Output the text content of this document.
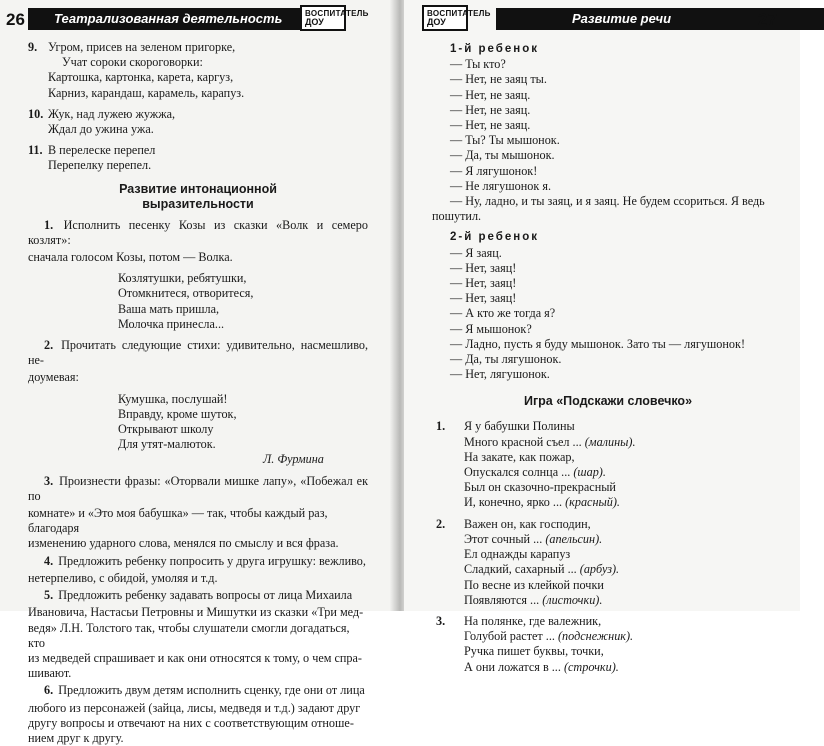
26	Театрализованная деятельность	ВОСПИТАТЕЛЬ
ДОУ
9. Угром, присев на зеленом пригорке,
Учат сороки скороговорки:
Картошка, картонка, карета, каргуз,
Карниз, карандаш, карамель, карапуз.
10. Жук, над лужею жужжа,
Ждал до ужина ужа.
11. В перелеске перепел
Перепелку перепел.
Развитие интонационной
выразительности
1. Исполнить песенку Козы из сказки «Волк и семеро козлят»:
сначала голосом Козы, потом — Волка.
Козлятушки, ребятушки,
Отомкнитеся, отворитеся,
Ваша мать пришла,
Молочка принесла...
2. Прочитать следующие стихи: удивительно, насмешливо, не-
доумевая:
Кумушка, послушай!
Вправду, кроме шуток,
Открывают школу
Для утят-малюток.
Л. Фурмина
3. Произнести фразы: «Оторвали мишке лапу», «Побежал ек по
комнате» и «Это моя бабушка» — так, чтобы каждый раз, благодаря
изменению ударного слова, менялся по смыслу и вся фраза.
4. Предложить ребенку попросить у друга игрушку: вежливо,
нетерпеливо, с обидой, умоляя и т.д.
5. Предложить ребенку задавать вопросы от лица Михаила
Ивановича, Настасьи Петровны и Мишутки из сказки «Три мед-
ведя» Л.Н. Толстого так, чтобы слушатели смогли догадаться, кто
из медведей спрашивает и как они относятся к тому, о чем спра-
шивают.
6. Предложить двум детям исполнить сценку, где они от лица
любого из персонажей (зайца, лисы, медведя и т.д.) задают друг
другу вопросы и отвечают на них с соответствующим отноше-
нием друг к другу.
ВОСПИТАТЕЛЬ
ДОУ	Развитие речи	27
1-й ребенок
— Ты кто?
— Нет, не заяц ты.
— Нет, не заяц.
— Нет, не заяц.
— Нет, не заяц.
— Ты? Ты мышонок.
— Да, ты мышонок.
— Я лягушонок!
— Не лягушонок я.
— Ну, ладно, и ты заяц, и я заяц. Не будем ссориться. Я ведь
пошутил.
2-й ребенок
— Я заяц.
— Нет, заяц!
— Нет, заяц!
— Нет, заяц!
— А кто же тогда я?
— Я мышонок?
— Ладно, пусть я буду мышонок. Зато ты — лягушонок!
— Да, ты лягушонок.
— Нет, лягушонок.
Игра «Подскажи словечко»
1.	Я у бабушки Полины
Много красной съел ... (малины).
На закате, как пожар,
Опускался солнца ... (шар).
Был он сказочно-прекрасный
И, конечно, ярко ... (красный).
2.	Важен он, как господин,
Этот сочный ... (апельсин).
Ел однажды карапуз
Сладкий, сахарный ... (арбуз).
По весне из клейкой почки
Появляются ... (листочки).
3.	На полянке, где валежник,
Голубой растет ... (подснежник).
Ручка пишет буквы, точки,
А они ложатся в ... (строчки).
